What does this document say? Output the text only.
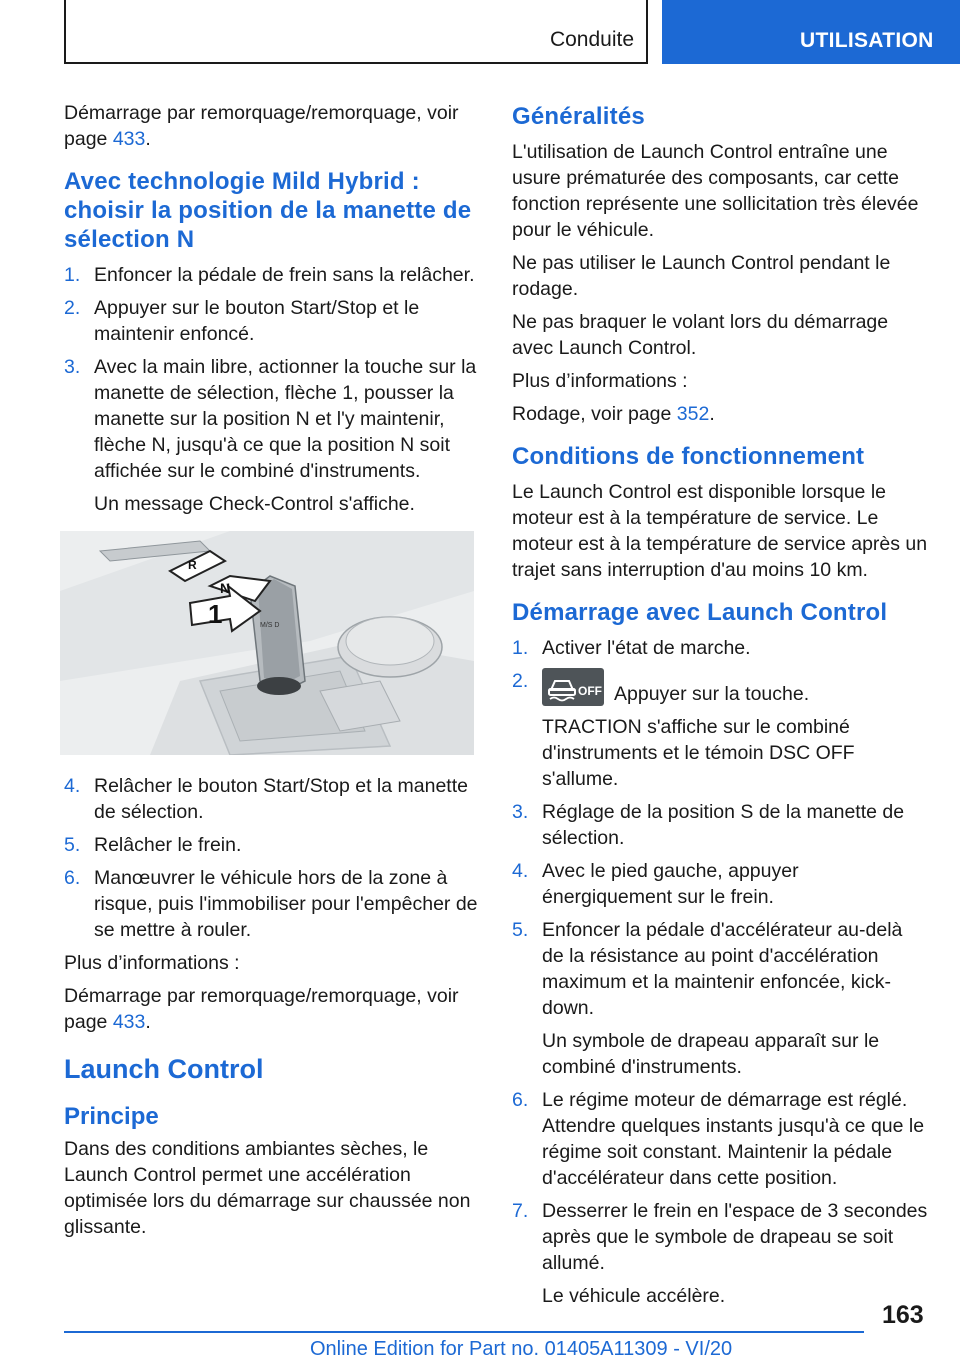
Conduite	UTILISATION

Démarrage par remorquage/remorquage, voir page 433.

Avec technologie Mild Hybrid : choisir la position de la manette de sélection N
1. Enfoncer la pédale de frein sans la relâcher.
2. Appuyer sur le bouton Start/Stop et le maintenir enfoncé.
3. Avec la main libre, actionner la touche sur la manette de sélection, flèche 1, pousser la manette sur la position N et l'y maintenir, flèche N, jusqu'à ce que la position N soit affichée sur le combiné d'instruments.

Un message Check-Control s'affiche.

1
N
R
M/S D
4. Relâcher le bouton Start/Stop et la manette de sélection.
5. Relâcher le frein.
6. Manœuvrer le véhicule hors de la zone à risque, puis l'immobiliser pour l'empêcher de se mettre à rouler.

Plus d’informations :

Démarrage par remorquage/remorquage, voir page 433.

Launch Control
Principe

Dans des conditions ambiantes sèches, le Launch Control permet une accélération optimisée lors du démarrage sur chaussée non glissante.

Généralités

L'utilisation de Launch Control entraîne une usure prématurée des composants, car cette fonction représente une sollicitation très élevée pour le véhicule.

Ne pas utiliser le Launch Control pendant le rodage.

Ne pas braquer le volant lors du démarrage avec Launch Control.

Plus d’informations :

Rodage, voir page 352.

Conditions de fonctionnement

Le Launch Control est disponible lorsque le moteur est à la température de service. Le moteur est à la température de service après un trajet sans interruption d'au moins 10 km.

Démarrage avec Launch Control
1. Activer l'état de marche.
2.	OFF Appuyer sur la touche.

TRACTION s'affiche sur le combiné d'instruments et le témoin DSC OFF s'allume.

3. Réglage de la position S de la manette de sélection.
4. Avec le pied gauche, appuyer énergiquement sur le frein.
5. Enfoncer la pédale d'accélérateur au-delà de la résistance au point d'accélération maximum et la maintenir enfoncée, kick-down.

Un symbole de drapeau apparaît sur le combiné d'instruments.

6. Le régime moteur de démarrage est réglé. Attendre quelques instants jusqu'à ce que le régime soit constant. Maintenir la pédale d'accélérateur dans cette position.
7. Desserrer le frein en l'espace de 3 secondes après que le symbole de drapeau se soit allumé.

Le véhicule accélère.

163
Online Edition for Part no. 01405A11309 - VI/20
